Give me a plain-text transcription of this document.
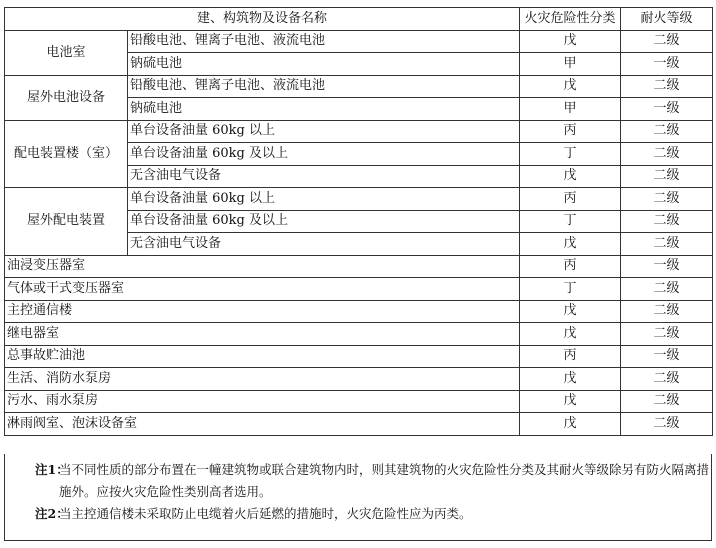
建、构筑物及设备名称		火灾危险性分类	耐火等级
电池室	铅酸电池、锂离子电池、液流电池	戊	二级
	钠硫电池	甲	一级
屋外电池设备	铅酸电池、锂离子电池、液流电池	戊	二级
	钠硫电池	甲	一级
配电装置楼（室）	单台设备油量 60kg 以上	丙	二级
	单台设备油量 60kg 及以上	丁	二级
	无含油电气设备	戊	二级
屋外配电装置	单台设备油量 60kg 以上	丙	二级
	单台设备油量 60kg 及以上	丁	二级
	无含油电气设备	戊	二级
油浸变压器室		丙	一级
气体或干式变压器室		丁	二级
主控通信楼		戊	二级
继电器室		戊	二级
总事故贮油池		丙	一级
生活、消防水泵房		戊	二级
污水、雨水泵房		戊	二级
淋雨阀室、泡沫设备室		戊	二级
注1：
当不同性质的部分布置在一幢建筑物或联合建筑物内时，则其建筑物的火灾危险性分类及其耐火等级除另有防火隔离措施外。应按火灾危险性类别高者选用。
注2：
当主控通信楼未采取防止电缆着火后延燃的措施时，火灾危险性应为丙类。
